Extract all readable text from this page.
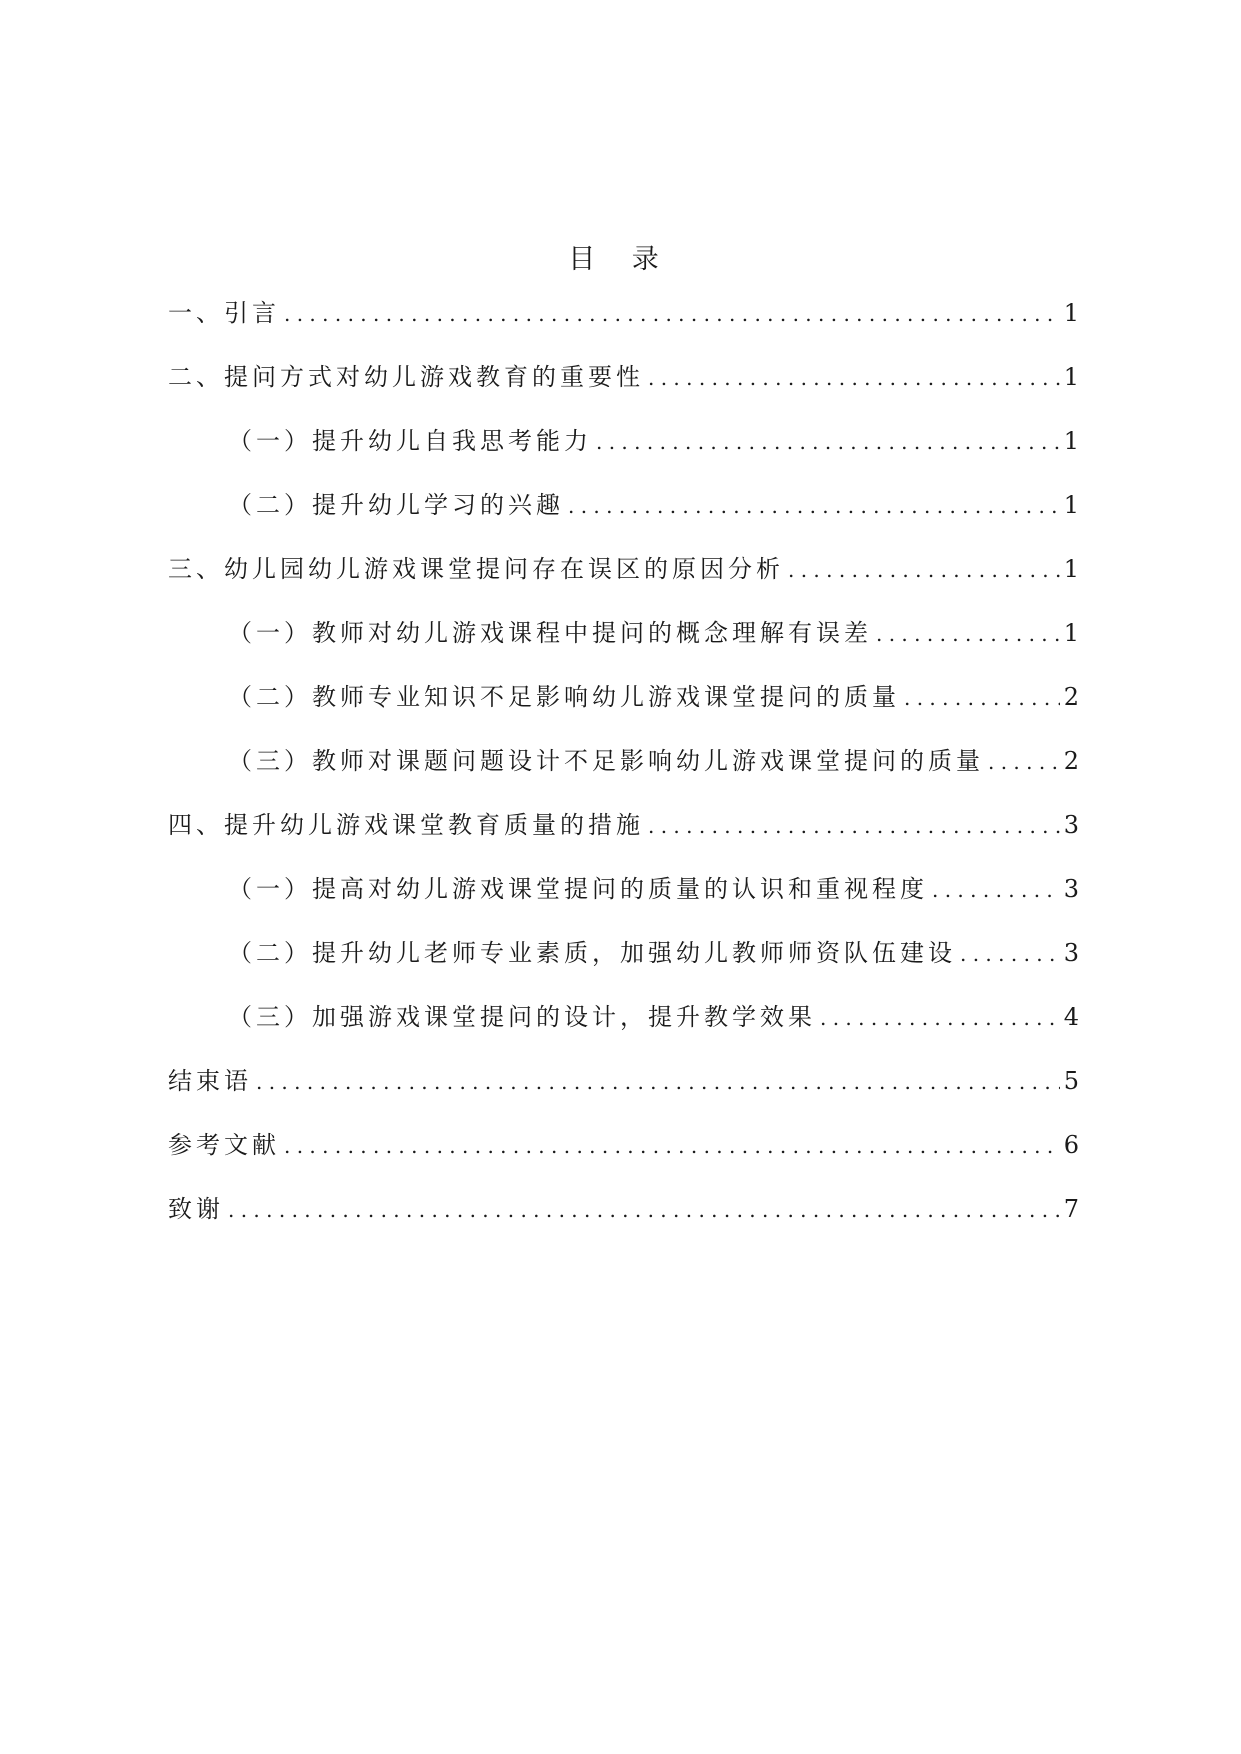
目 录
一、引言 . . .	1
二、提问方式对幼儿游戏教育的重要性 . . .	1
（一）提升幼儿自我思考能力 . . .	1
（二）提升幼儿学习的兴趣 . . .	1
三、幼儿园幼儿游戏课堂提问存在误区的原因分析 . . .	1
（一）教师对幼儿游戏课程中提问的概念理解有误差 . . .	1
（二）教师专业知识不足影响幼儿游戏课堂提问的质量 . . .	2
（三）教师对课题问题设计不足影响幼儿游戏课堂提问的质量 . . .	2
四、提升幼儿游戏课堂教育质量的措施 . . .	3
（一）提高对幼儿游戏课堂提问的质量的认识和重视程度 . . .	3
（二）提升幼儿老师专业素质，加强幼儿教师师资队伍建设 . . .	3
（三）加强游戏课堂提问的设计，提升教学效果 . . .	4
结束语 . . .	5
参考文献 . . .	6
致谢 . . .	7
